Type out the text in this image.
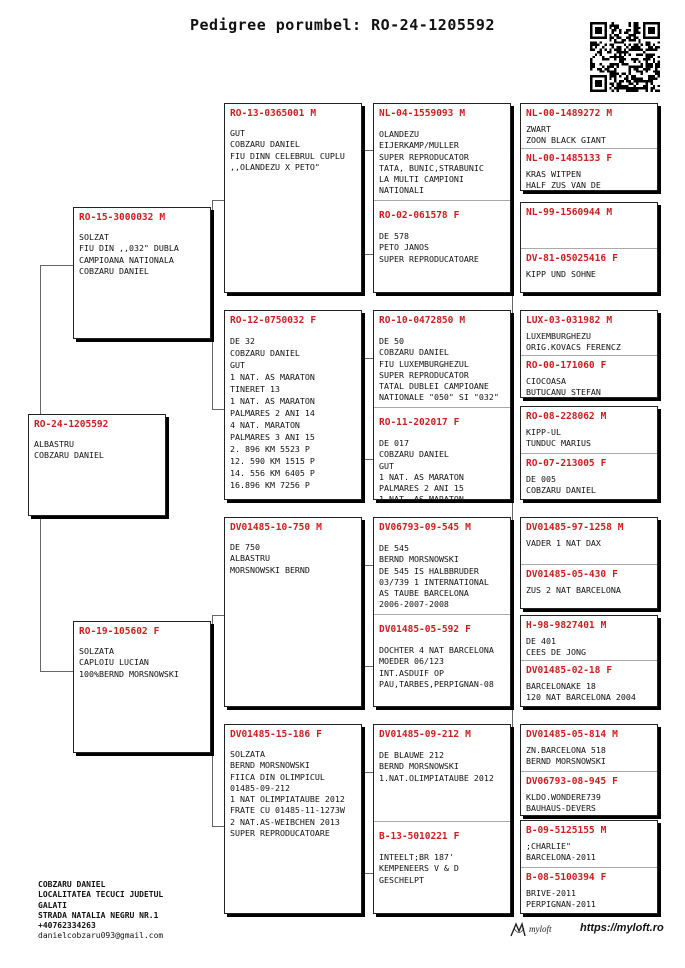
Pedigree porumbel: RO-24-1205592
RO-24-1205592
ALBASTRU
COBZARU DANIEL
RO-15-3000032 M
SOLZAT
FIU DIN ,,032" DUBLA
CAMPIOANA NATIONALA
COBZARU DANIEL
RO-19-105602 F
SOLZATA
CAPLOIU LUCIAN
100%BERND MORSNOWSKI
RO-13-0365001 M
GUT
COBZARU DANIEL
FIU DINN CELEBRUL CUPLU
,,OLANDEZU X PETO"
RO-12-0750032 F
DE 32
COBZARU DANIEL
GUT
1 NAT. AS MARATON
TINERET 13
1 NAT. AS MARATON
PALMARES 2 ANI 14
4 NAT. MARATON
PALMARES 3 ANI 15
2. 896 KM 5523 P
12. 590 KM 1515 P
14. 556 KM 6405 P
16.896 KM 7256 P
DV01485-10-750 M
DE 750
ALBASTRU
MORSNOWSKI BERND
DV01485-15-186 F
SOLZATA
BERND MORSNOWSKI
FIICA DIN OLIMPICUL
01485-09-212
1 NAT OLIMPIATAUBE 2012
FRATE CU 01485-11-1273W
2 NAT.AS-WEIBCHEN 2013
SUPER REPRODUCATOARE
NL-04-1559093 M
OLANDEZU
EIJERKAMP/MULLER
SUPER REPRODUCATOR
TATA, BUNIC,STRABUNIC
LA MULTI CAMPIONI
NATIONALI
RO-02-061578 F
DE 578
PETO JANOS
SUPER REPRODUCATOARE
RO-10-0472850 M
DE 50
COBZARU DANIEL
FIU LUXEMBURGHEZUL
SUPER REPRODUCATOR
TATAL DUBLEI CAMPIOANE
NATIONALE "050" SI "032"
RO-11-202017 F
DE 017
COBZARU DANIEL
GUT
1 NAT. AS MARATON
PALMARES 2 ANI 15
1 NAT. AS MARATON
DV06793-09-545 M
DE 545
BERND MORSNOWSKI
DE 545 IS HALBBRUDER
03/739 1 INTERNATIONAL
AS TAUBE BARCELONA
2006-2007-2008
DV01485-05-592 F
DOCHTER 4 NAT BARCELONA
MOEDER 06/123
INT.ASDUIF OP
PAU,TARBES,PERPIGNAN-08
DV01485-09-212 M
DE BLAUWE 212
BERND MORSNOWSKI
1.NAT.OLIMPIATAUBE 2012
B-13-5010221 F
INTEELT;BR 187'
KEMPENEERS V & D
GESCHELPT
NL-00-1489272 M
ZWART
ZOON BLACK GIANT
NL-00-1485133 F
KRAS WITPEN
HALF ZUS VAN DE
NL-99-1560944 M
DV-81-05025416 F
KIPP UND SOHNE
LUX-03-031982 M
LUXEMBURGHEZU
ORIG.KOVACS FERENCZ
RO-00-171060 F
CIOCOASA
BUTUCANU STEFAN
RO-08-228062 M
KIPP-UL
TUNDUC MARIUS
RO-07-213005 F
DE 005
COBZARU DANIEL
DV01485-97-1258 M
VADER 1 NAT DAX
DV01485-05-430 F
ZUS 2 NAT BARCELONA
H-98-9827401 M
DE 401
CEES DE JONG
DV01485-02-18 F
BARCELONAKE 18
120 NAT BARCELONA 2004
DV01485-05-814 M
ZN.BARCELONA 518
BERND MORSNOWSKI
DV06793-08-945 F
KLDO.WONDERE739
BAUHAUS-DEVERS
B-09-5125155 M
;CHARLIE"
BARCELONA-2011
B-08-5100394 F
BRIVE-2011
PERPIGNAN-2011
COBZARU DANIEL
LOCALITATEA TECUCI JUDETUL
GALATI
STRADA NATALIA NEGRU NR.1
+40762334263
danielcobzaru093@gmail.com
myloft	https://myloft.ro
